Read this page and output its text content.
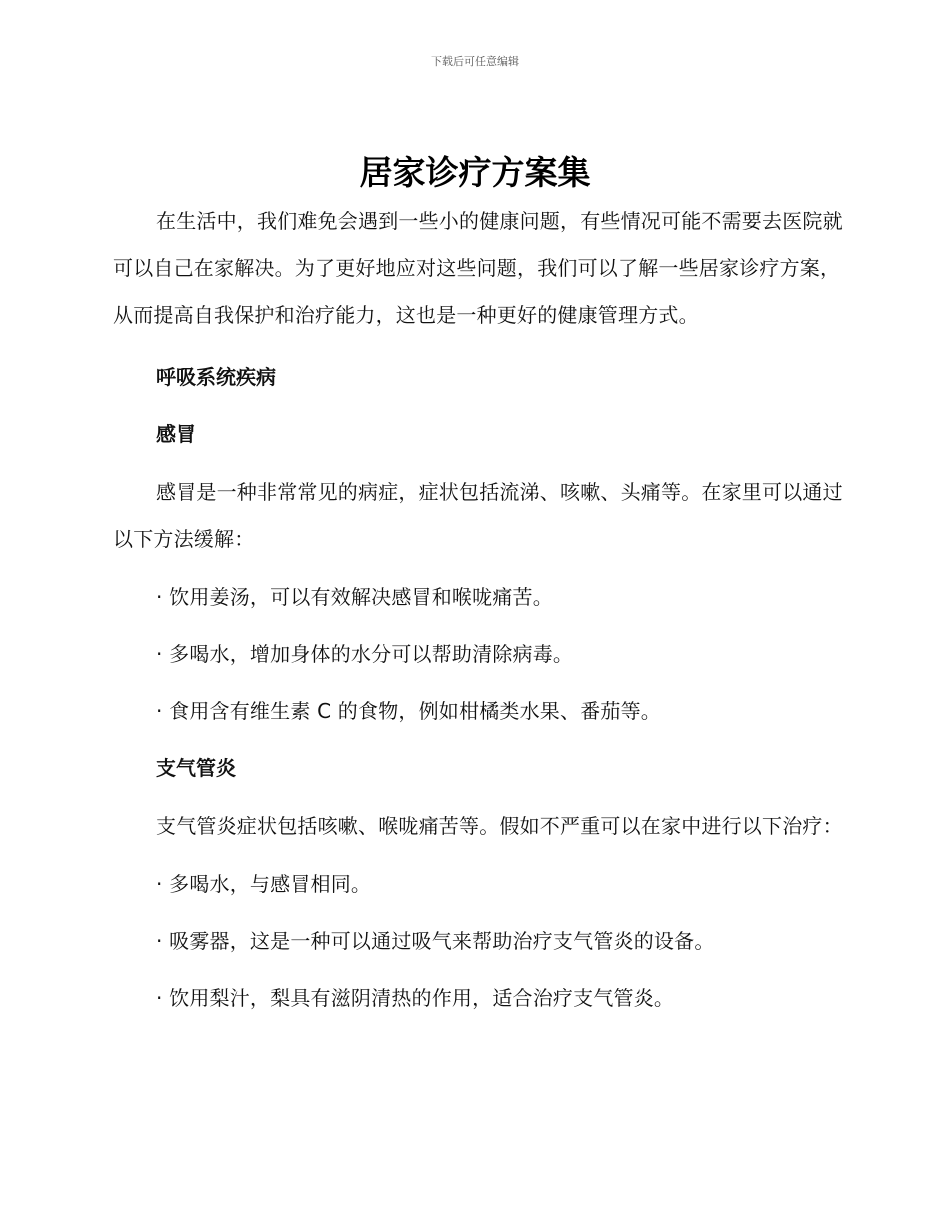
下载后可任意编辑
居家诊疗方案集

在生活中，我们难免会遇到一些小的健康问题，有些情况可能不需要去医院就可以自己在家解决。为了更好地应对这些问题，我们可以了解一些居家诊疗方案，从而提高自我保护和治疗能力，这也是一种更好的健康管理方式。

呼吸系统疾病

感冒

感冒是一种非常常见的病症，症状包括流涕、咳嗽、头痛等。在家里可以通过以下方法缓解：

· 饮用姜汤，可以有效解决感冒和喉咙痛苦。

· 多喝水，增加身体的水分可以帮助清除病毒。

· 食用含有维生素 C 的食物，例如柑橘类水果、番茄等。

支气管炎

支气管炎症状包括咳嗽、喉咙痛苦等。假如不严重可以在家中进行以下治疗：

· 多喝水，与感冒相同。

· 吸雾器，这是一种可以通过吸气来帮助治疗支气管炎的设备。

· 饮用梨汁，梨具有滋阴清热的作用，适合治疗支气管炎。
